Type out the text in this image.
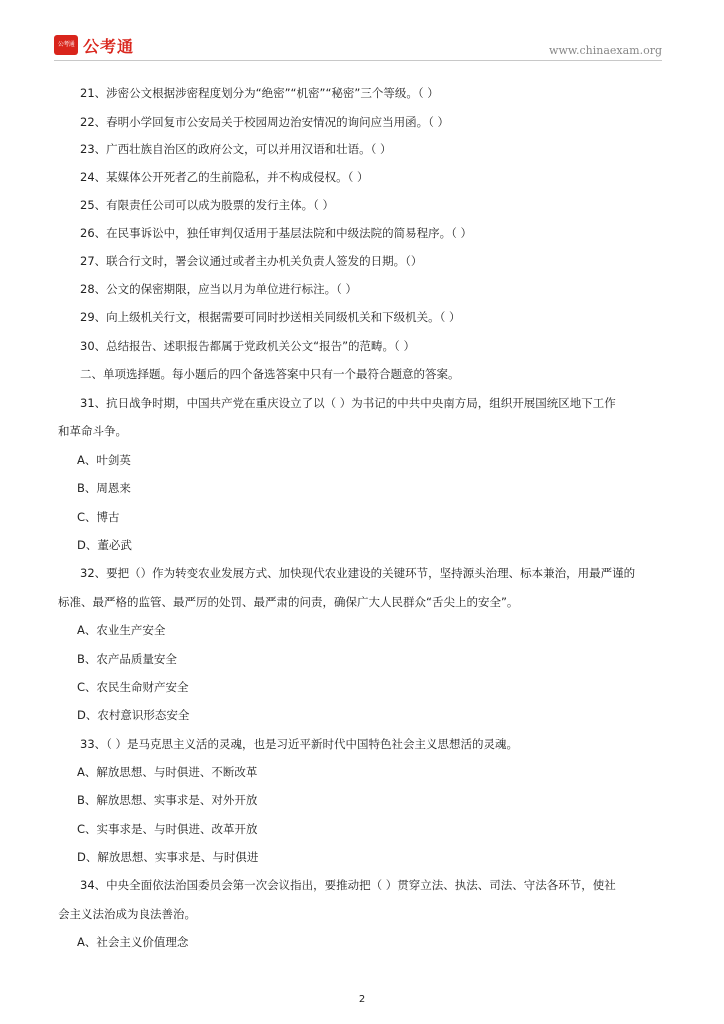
公考通 公考通	www.chinaexam.org
21、涉密公文根据涉密程度划分为“绝密”“机密”“秘密”三个等级。（ ）
22、春明小学回复市公安局关于校园周边治安情况的询问应当用函。（ ）
23、广西壮族自治区的政府公文，可以并用汉语和壮语。（ ）
24、某媒体公开死者乙的生前隐私，并不构成侵权。（ ）
25、有限责任公司可以成为股票的发行主体。（ ）
26、在民事诉讼中，独任审判仅适用于基层法院和中级法院的简易程序。（ ）
27、联合行文时，署会议通过或者主办机关负责人签发的日期。（）
28、公文的保密期限，应当以月为单位进行标注。（ ）
29、向上级机关行文，根据需要可同时抄送相关同级机关和下级机关。（ ）
30、总结报告、述职报告都属于党政机关公文“报告”的范畴。（ ）
二、单项选择题。每小题后的四个备选答案中只有一个最符合题意的答案。
31、抗日战争时期，中国共产党在重庆设立了以（ ）为书记的中共中央南方局，组织开展国统区地下工作
和革命斗争。
A、叶剑英
B、周恩来
C、博古
D、董必武
32、要把（）作为转变农业发展方式、加快现代农业建设的关键环节，坚持源头治理、标本兼治，用最严谨的
标准、最严格的监管、最严厉的处罚、最严肃的问责，确保广大人民群众“舌尖上的安全”。
A、农业生产安全
B、农产品质量安全
C、农民生命财产安全
D、农村意识形态安全
33、（ ）是马克思主义活的灵魂，也是习近平新时代中国特色社会主义思想活的灵魂。
A、解放思想、与时俱进、不断改革
B、解放思想、实事求是、对外开放
C、实事求是、与时俱进、改革开放
D、解放思想、实事求是、与时俱进
34、中央全面依法治国委员会第一次会议指出，要推动把（ ）贯穿立法、执法、司法、守法各环节，使社
会主义法治成为良法善治。
A、社会主义价值理念
2
